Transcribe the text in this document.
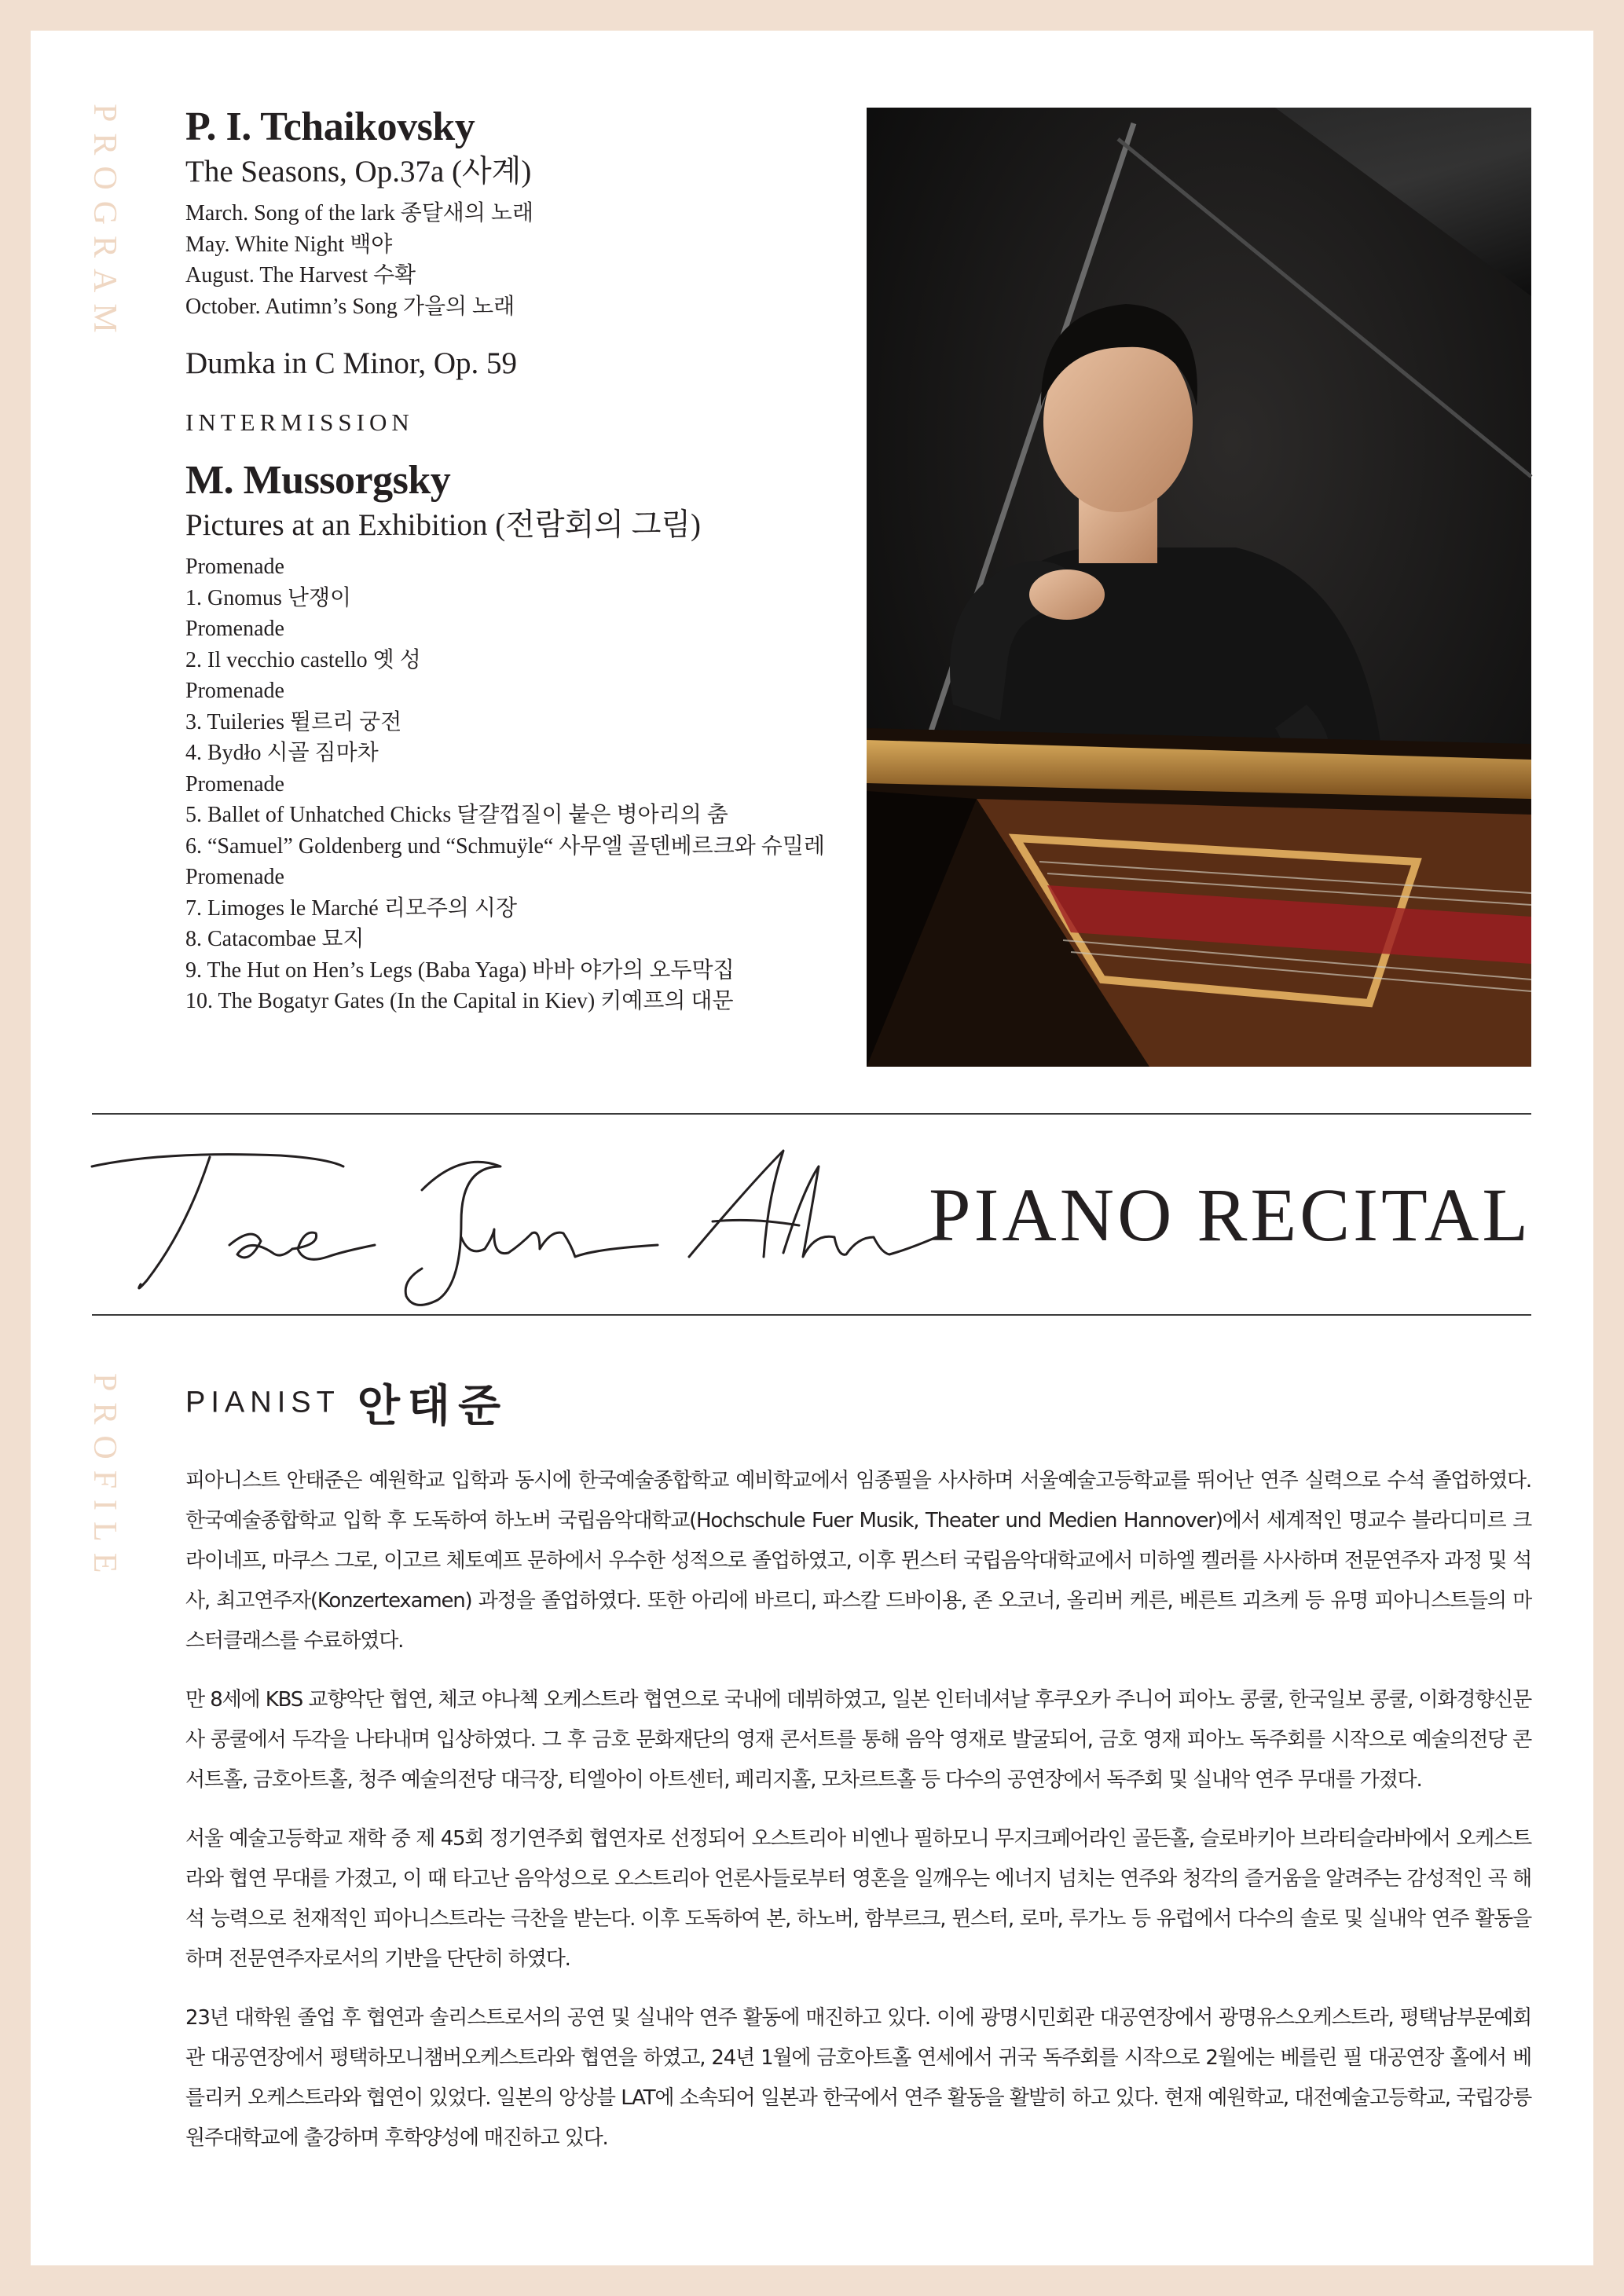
PROGRAM
PROFILE
P. I. Tchaikovsky
The Seasons, Op.37a (사계)
March. Song of the lark 종달새의 노래
May. White Night 백야
August. The Harvest 수확
October. Autimn’s Song 가을의 노래
Dumka in C Minor, Op. 59
INTERMISSION
M. Mussorgsky
Pictures at an Exhibition (전람회의 그림)
Promenade
1. Gnomus 난쟁이
Promenade
2. Il vecchio castello 옛 성
Promenade
3. Tuileries 뛸르리 궁전
4. Bydło 시골 짐마차
Promenade
5. Ballet of Unhatched Chicks 달걀껍질이 붙은 병아리의 춤
6. “Samuel” Goldenberg und “Schmuÿle“ 사무엘 골덴베르크와 슈밀레
Promenade
7. Limoges le Marché 리모주의 시장
8. Catacombae 묘지
9. The Hut on Hen’s Legs (Baba Yaga) 바바 야가의 오두막집
10. The Bogatyr Gates (In the Capital in Kiev) 키예프의 대문
PIANO RECITAL
PIANIST 안태준

피아니스트 안태준은 예원학교 입학과 동시에 한국예술종합학교 예비학교에서 임종필을 사사하며 서울예술고등학교를 뛰어난 연주 실력으로 수석 졸업하였다. 한국예술종합학교 입학 후 도독하여 하노버 국립음악대학교(Hochschule Fuer Musik, Theater und Medien Hannover)에서 세계적인 명교수 블라디미르 크라이네프, 마쿠스 그로, 이고르 체토예프 문하에서 우수한 성적으로 졸업하였고, 이후 뮌스터 국립음악대학교에서 미하엘 켈러를 사사하며 전문연주자 과정 및 석사, 최고연주자(Konzertexamen) 과정을 졸업하였다. 또한 아리에 바르디, 파스칼 드바이용, 존 오코너, 올리버 케른, 베른트 괴츠케 등 유명 피아니스트들의 마스터클래스를 수료하였다.

만 8세에 KBS 교향악단 협연, 체코 야나첵 오케스트라 협연으로 국내에 데뷔하였고, 일본 인터네셔날 후쿠오카 주니어 피아노 콩쿨, 한국일보 콩쿨, 이화경향신문사 콩쿨에서 두각을 나타내며 입상하였다. 그 후 금호 문화재단의 영재 콘서트를 통해 음악 영재로 발굴되어, 금호 영재 피아노 독주회를 시작으로 예술의전당 콘서트홀, 금호아트홀, 청주 예술의전당 대극장, 티엘아이 아트센터, 페리지홀, 모차르트홀 등 다수의 공연장에서 독주회 및 실내악 연주 무대를 가졌다.

서울 예술고등학교 재학 중 제 45회 정기연주회 협연자로 선정되어 오스트리아 비엔나 필하모니 무지크페어라인 골든홀, 슬로바키아 브라티슬라바에서 오케스트라와 협연 무대를 가졌고, 이 때 타고난 음악성으로 오스트리아 언론사들로부터 영혼을 일깨우는 에너지 넘치는 연주와 청각의 즐거움을 알려주는 감성적인 곡 해석 능력으로 천재적인 피아니스트라는 극찬을 받는다. 이후 도독하여 본, 하노버, 함부르크, 뮌스터, 로마, 루가노 등 유럽에서 다수의 솔로 및 실내악 연주 활동을 하며 전문연주자로서의 기반을 단단히 하였다.

23년 대학원 졸업 후 협연과 솔리스트로서의 공연 및 실내악 연주 활동에 매진하고 있다. 이에 광명시민회관 대공연장에서 광명유스오케스트라, 평택남부문예회관 대공연장에서 평택하모니챔버오케스트라와 협연을 하였고, 24년 1월에 금호아트홀 연세에서 귀국 독주회를 시작으로 2월에는 베를린 필 대공연장 홀에서 베를리커 오케스트라와 협연이 있었다. 일본의 앙상블 LAT에 소속되어 일본과 한국에서 연주 활동을 활발히 하고 있다. 현재 예원학교, 대전예술고등학교, 국립강릉원주대학교에 출강하며 후학양성에 매진하고 있다.
